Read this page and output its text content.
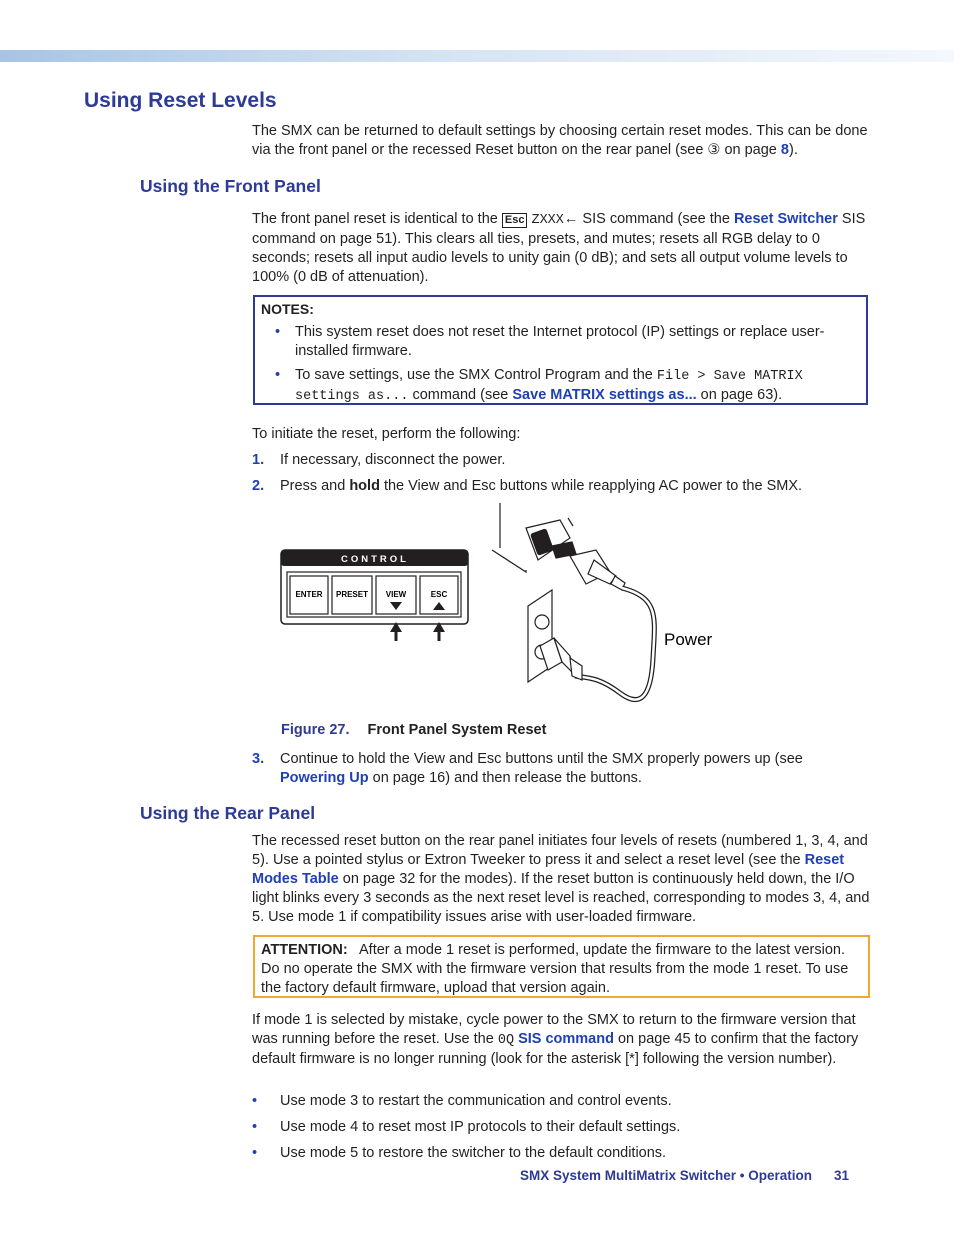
Using Reset Levels

The SMX can be returned to default settings by choosing certain reset modes. This can be done via the front panel or the recessed Reset button on the rear panel (see ③ on page 8).

Using the Front Panel

The front panel reset is identical to the Esc ZXXX← SIS command (see the Reset Switcher SIS command on page 51). This clears all ties, presets, and mutes; resets all RGB delay to 0 seconds; resets all input audio levels to unity gain (0 dB); and sets all output volume levels to 100% (0 dB of attenuation).

NOTES:
• This system reset does not reset the Internet protocol (IP) settings or replace user-installed firmware.
• To save settings, use the SMX Control Program and the File > Save MATRIX settings as... command (see Save MATRIX settings as... on page 63).

To initiate the reset, perform the following:

1. If necessary, disconnect the power.
2. Press and hold the View and Esc buttons while reapplying AC power to the SMX.
CONTROL
ENTER PRESET VIEW	ESC
Power
Figure 27. Front Panel System Reset
3. Continue to hold the View and Esc buttons until the SMX properly powers up (see Powering Up on page 16) and then release the buttons.
Using the Rear Panel

The recessed reset button on the rear panel initiates four levels of resets (numbered 1, 3, 4, and 5). Use a pointed stylus or Extron Tweeker to press it and select a reset level (see the Reset Modes Table on page 32 for the modes). If the reset button is continuously held down, the I/O light blinks every 3 seconds as the next reset level is reached, corresponding to modes 3, 4, and 5. Use mode 1 if compatibility issues arise with user-loaded firmware.

ATTENTION: After a mode 1 reset is performed, update the firmware to the latest version. Do no operate the SMX with the firmware version that results from the mode 1 reset. To use the factory default firmware, upload that version again.

If mode 1 is selected by mistake, cycle power to the SMX to return to the firmware version that was running before the reset. Use the 0Q SIS command on page 45 to confirm that the factory default firmware is no longer running (look for the asterisk [*] following the version number).

• Use mode 3 to restart the communication and control events.
• Use mode 4 to reset most IP protocols to their default settings.
• Use mode 5 to restore the switcher to the default conditions.
SMX System MultiMatrix Switcher • Operation 31
